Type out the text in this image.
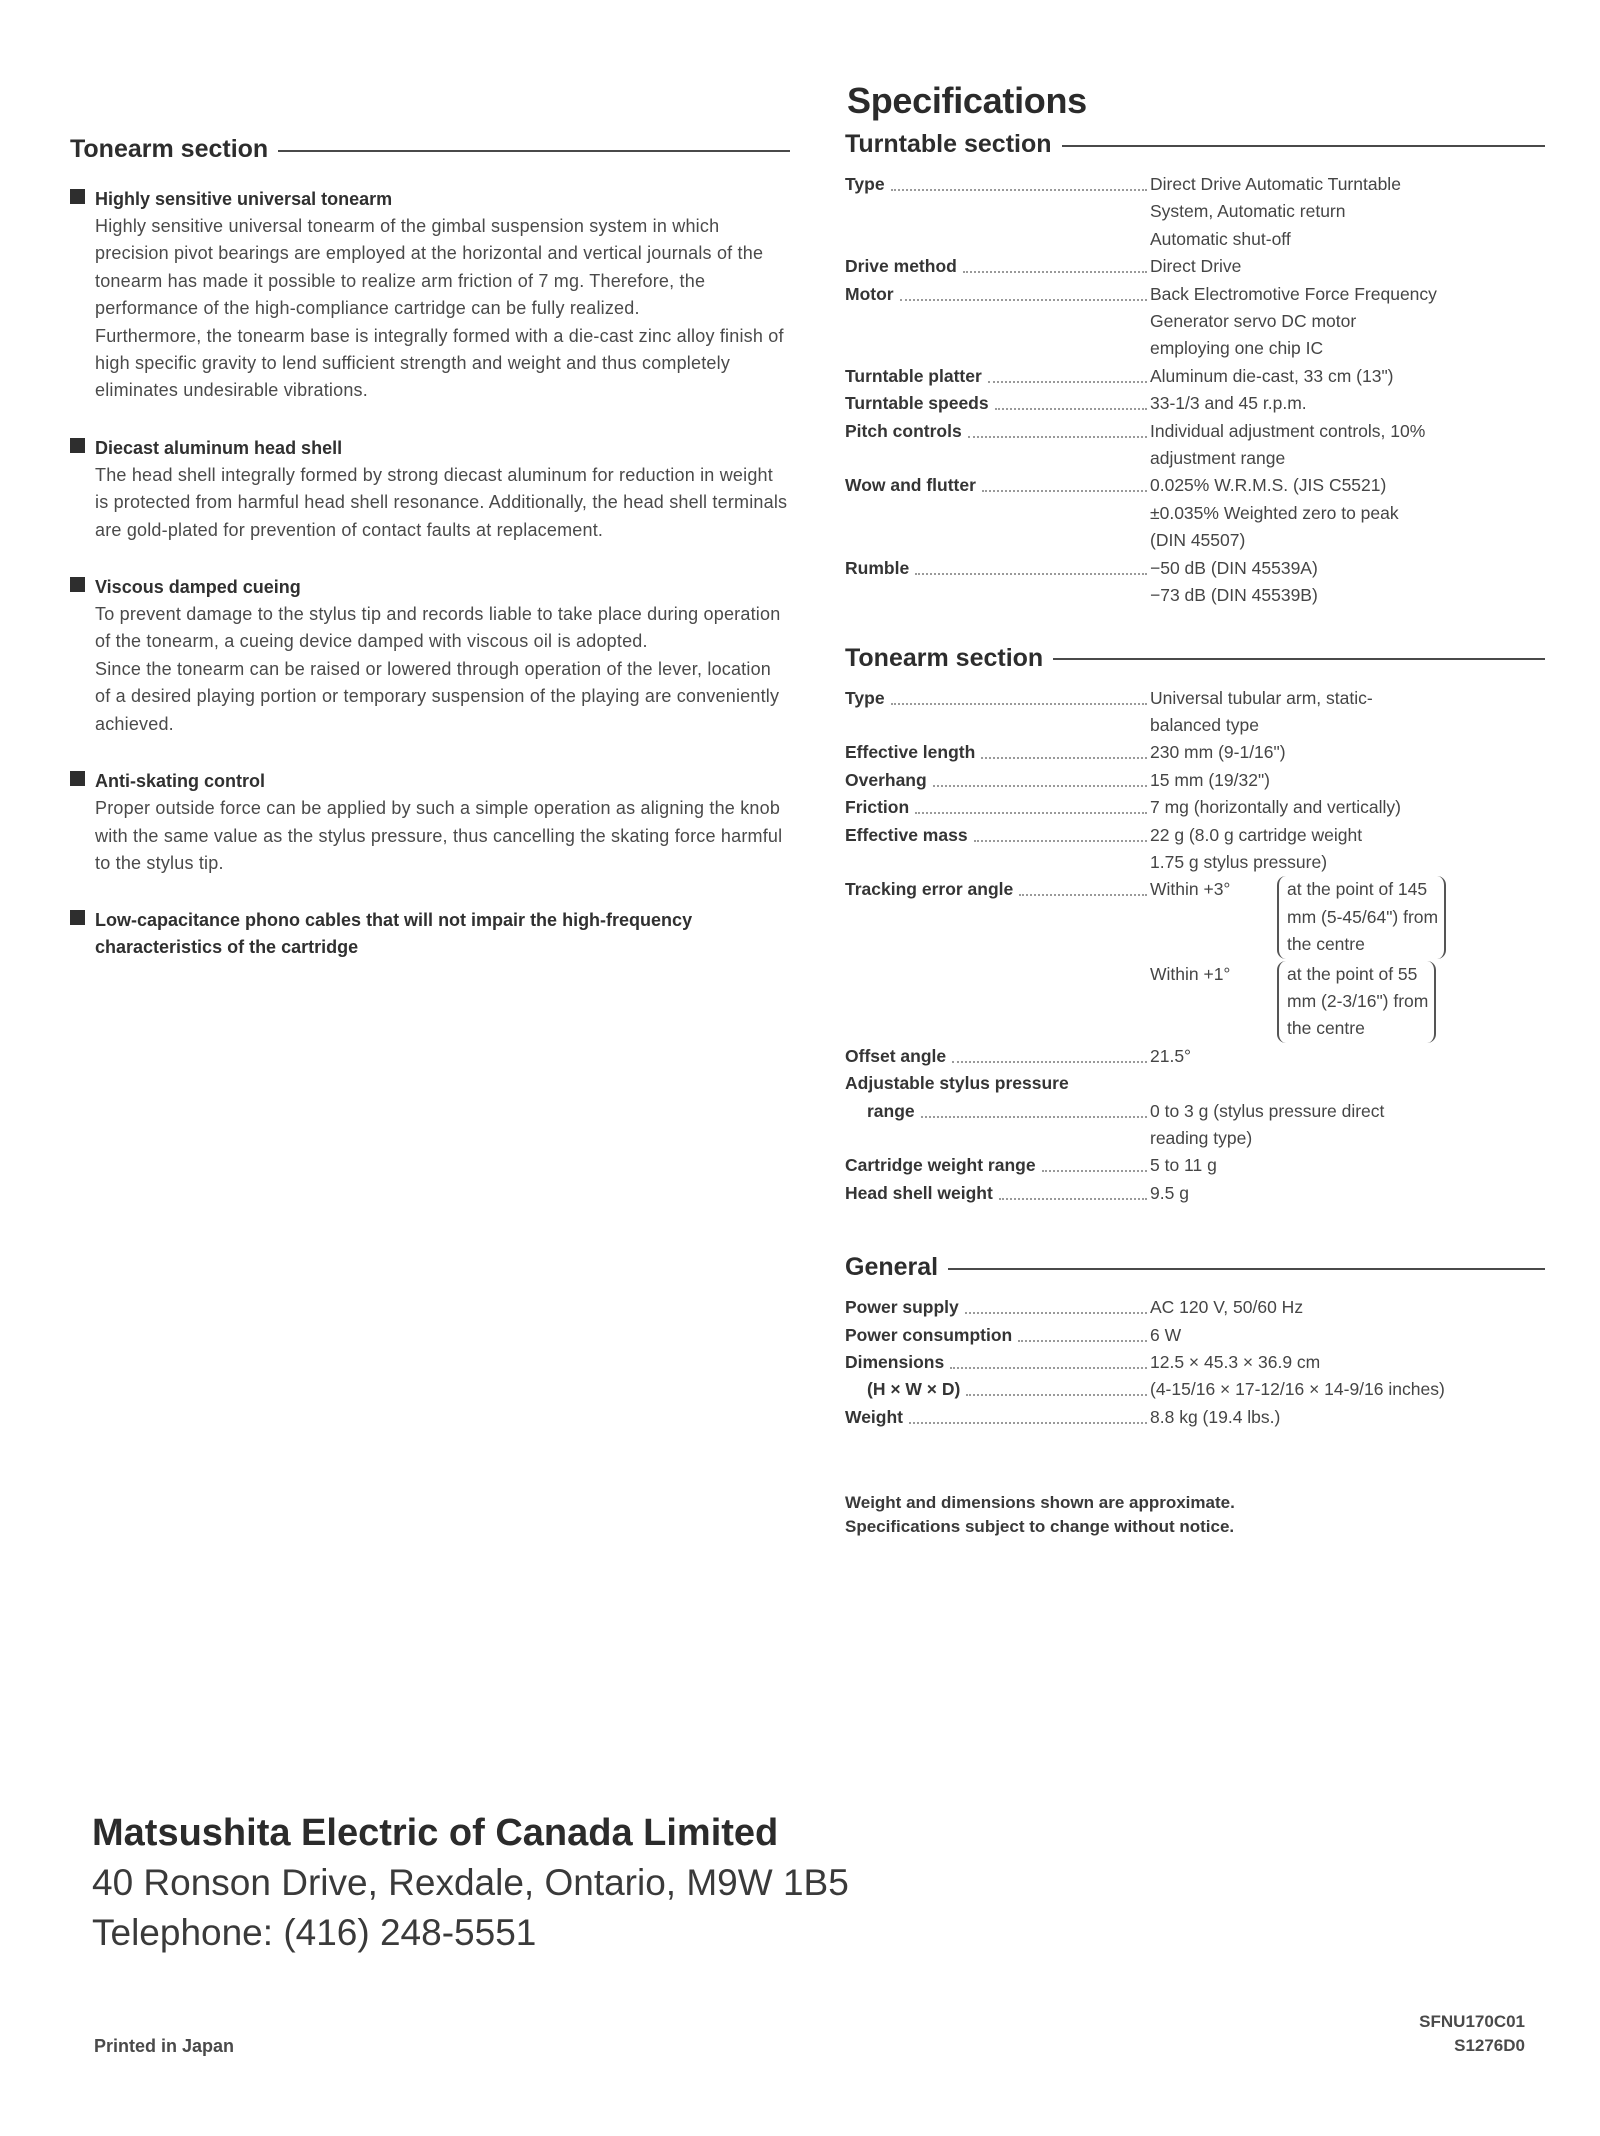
Tonearm section
Highly sensitive universal tonearm
Highly sensitive universal tonearm of the gimbal suspension system in which precision pivot bearings are employed at the horizontal and vertical journals of the tonearm has made it possible to realize arm friction of 7 mg. Therefore, the performance of the high-compliance cartridge can be fully realized.
Furthermore, the tonearm base is integrally formed with a die-cast zinc alloy finish of high specific gravity to lend sufficient strength and weight and thus completely eliminates undesirable vibrations.
Diecast aluminum head shell
The head shell integrally formed by strong diecast aluminum for reduction in weight is protected from harmful head shell resonance. Additionally, the head shell terminals are gold-plated for prevention of contact faults at replacement.
Viscous damped cueing
To prevent damage to the stylus tip and records liable to take place during operation of the tonearm, a cueing device damped with viscous oil is adopted.
Since the tonearm can be raised or lowered through operation of the lever, location of a desired playing portion or temporary suspension of the playing are conveniently achieved.
Anti-skating control
Proper outside force can be applied by such a simple operation as aligning the knob with the same value as the stylus pressure, thus cancelling the skating force harmful to the stylus tip.
Low-capacitance phono cables that will not impair the high-frequency characteristics of the cartridge
Specifications
Turntable section
Type	Direct Drive Automatic Turntable
System, Automatic return
Automatic shut-off
Drive method	Direct Drive
Motor	Back Electromotive Force Frequency
Generator servo DC motor
employing one chip IC
Turntable platter	Aluminum die-cast, 33 cm (13")
Turntable speeds	33-1/3 and 45 r.p.m.
Pitch controls	Individual adjustment controls, 10%
adjustment range
Wow and flutter	0.025% W.R.M.S. (JIS C5521)
±0.035% Weighted zero to peak
(DIN 45507)
Rumble	−50 dB (DIN 45539A)
−73 dB (DIN 45539B)
Tonearm section
Type	Universal tubular arm, static-
balanced type
Effective length	230 mm (9-1/16")
Overhang	15 mm (19/32")
Friction	7 mg (horizontally and vertically)
Effective mass	22 g (8.0 g cartridge weight
1.75 g stylus pressure)
Tracking error angle	Within +3°	at the point of 145
mm (5-45/64") from
the centre
Within +1°	at the point of 55
mm (2-3/16") from
the centre
Offset angle	21.5°
Adjustable stylus pressure
range	0 to 3 g (stylus pressure direct
reading type)
Cartridge weight range	5 to 11 g
Head shell weight	9.5 g
General
Power supply	AC 120 V, 50/60 Hz
Power consumption	6 W
Dimensions	12.5 × 45.3 × 36.9 cm
(H × W × D)	(4-15/16 × 17-12/16 × 14-9/16 inches)
Weight	8.8 kg (19.4 lbs.)
Weight and dimensions shown are approximate.
Specifications subject to change without notice.
Matsushita Electric of Canada Limited
40 Ronson Drive, Rexdale, Ontario, M9W 1B5
Telephone: (416) 248-5551
Printed in Japan
SFNU170C01
S1276D0
